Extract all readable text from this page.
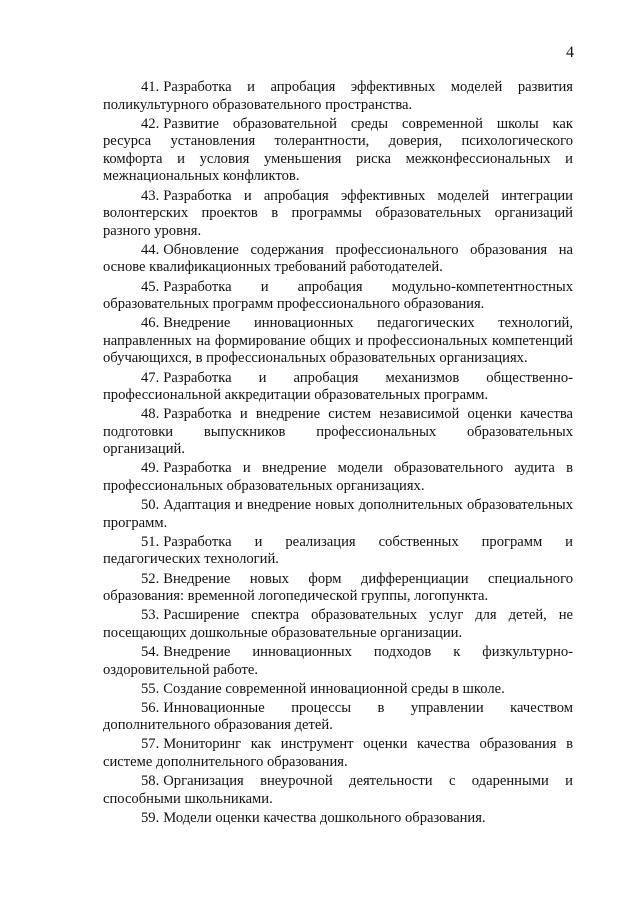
4

41. Разработка и апробация эффективных моделей развития поликультурного образовательного пространства.

42. Развитие образовательной среды современной школы как ресурса установления толерантности, доверия, психологического комфорта и условия уменьшения риска межконфессиональных и межнациональных конфликтов.

43. Разработка и апробация эффективных моделей интеграции волонтерских проектов в программы образовательных организаций разного уровня.

44. Обновление содержания профессионального образования на основе квалификационных требований работодателей.

45. Разработка и апробация модульно-компетентностных образовательных программ профессионального образования.

46. Внедрение инновационных педагогических технологий, направленных на формирование общих и профессиональных компетенций обучающихся, в профессиональных образовательных организациях.

47. Разработка и апробация механизмов общественно-профессиональной аккредитации образовательных программ.

48. Разработка и внедрение систем независимой оценки качества подготовки выпускников профессиональных образовательных организаций.

49. Разработка и внедрение модели образовательного аудита в профессиональных образовательных организациях.

50. Адаптация и внедрение новых дополнительных образовательных программ.

51. Разработка и реализация собственных программ и педагогических технологий.

52. Внедрение новых форм дифференциации специального образования: временной логопедической группы, логопункта.

53. Расширение спектра образовательных услуг для детей, не посещающих дошкольные образовательные организации.

54. Внедрение инновационных подходов к физкультурно-оздоровительной работе.

55. Создание современной инновационной среды в школе.

56. Инновационные процессы в управлении качеством дополнительного образования детей.

57. Мониторинг как инструмент оценки качества образования в системе дополнительного образования.

58. Организация внеурочной деятельности с одаренными и способными школьниками.

59. Модели оценки качества дошкольного образования.
